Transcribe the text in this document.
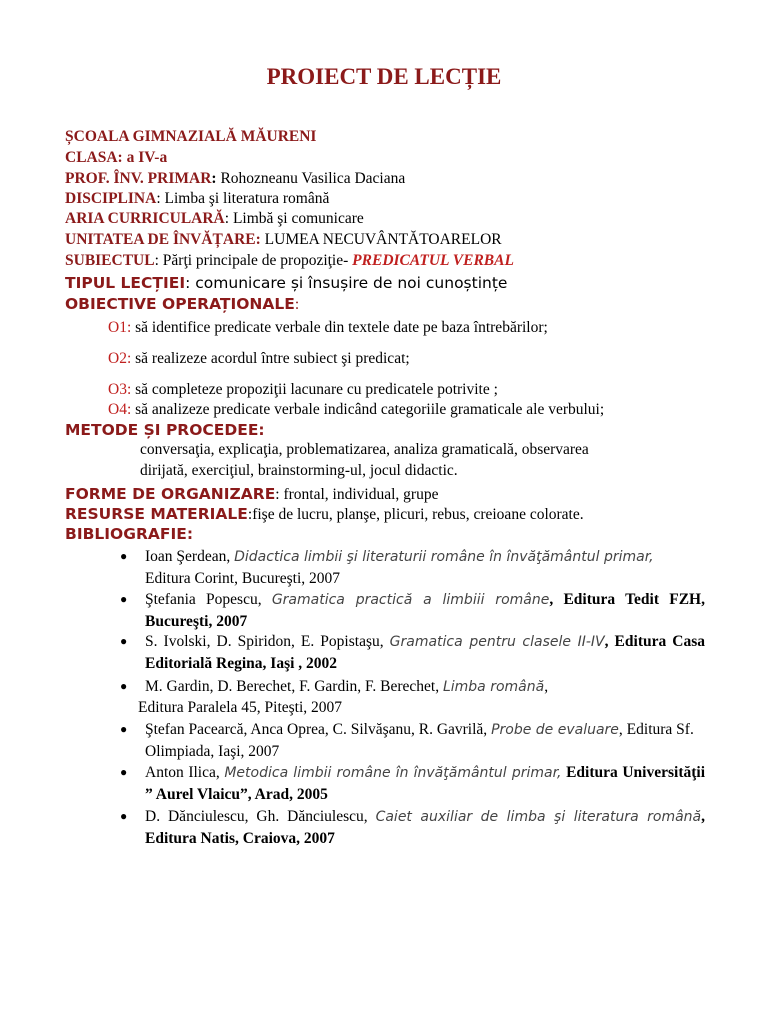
PROIECT DE LECȚIE
ȘCOALA GIMNAZIALĂ MĂURENI
CLASA: a IV-a
PROF. ÎNV. PRIMAR: Rohozneanu Vasilica Daciana
DISCIPLINA: Limba şi literatura română
ARIA CURRICULARĂ: Limbă şi comunicare
UNITATEA DE ÎNVĂȚARE: LUMEA NECUVÂNTĂTOARELOR
SUBIECTUL: Părţi principale de propoziţie- PREDICATUL VERBAL
TIPUL LECȚIEI: comunicare și însușire de noi cunoștințe
OBIECTIVE OPERAȚIONALE:
O1: să identifice predicate verbale din textele date pe baza întrebărilor;
O2: să realizeze acordul între subiect şi predicat;
O3: să completeze propoziţii lacunare cu predicatele potrivite ;
O4: să analizeze predicate verbale indicând categoriile gramaticale ale verbului;
METODE ȘI PROCEDEE:
conversaţia, explicaţia, problematizarea, analiza gramaticală, observarea
dirijată, exerciţiul, brainstorming-ul, jocul didactic.
FORME DE ORGANIZARE: frontal, individual, grupe
RESURSE MATERIALE:fişe de lucru, planşe, plicuri, rebus, creioane colorate.
BIBLIOGRAFIE:
● Ioan Şerdean, Didactica limbii şi literaturii române în învăţământul primar,
Editura Corint, Bucureşti, 2007
● Ştefania Popescu, Gramatica practică a limbiii române, Editura Tedit FZH, Bucureşti, 2007
● S. Ivolski, D. Spiridon, E. Popistaşu, Gramatica pentru clasele II-IV, Editura Casa Editorială Regina, Iaşi , 2002
● M. Gardin, D. Berechet, F. Gardin, F. Berechet, Limba română,
Editura Paralela 45, Piteşti, 2007
● Ştefan Pacearcă, Anca Oprea, C. Silvăşanu, R. Gavrilă, Probe de evaluare, Editura Sf. Olimpiada, Iaşi, 2007
● Anton Ilica, Metodica limbii române în învăţământul primar, Editura Universităţii ” Aurel Vlaicu”, Arad, 2005
● D. Dănciulescu, Gh. Dănciulescu, Caiet auxiliar de limba şi literatura română, Editura Natis, Craiova, 2007
